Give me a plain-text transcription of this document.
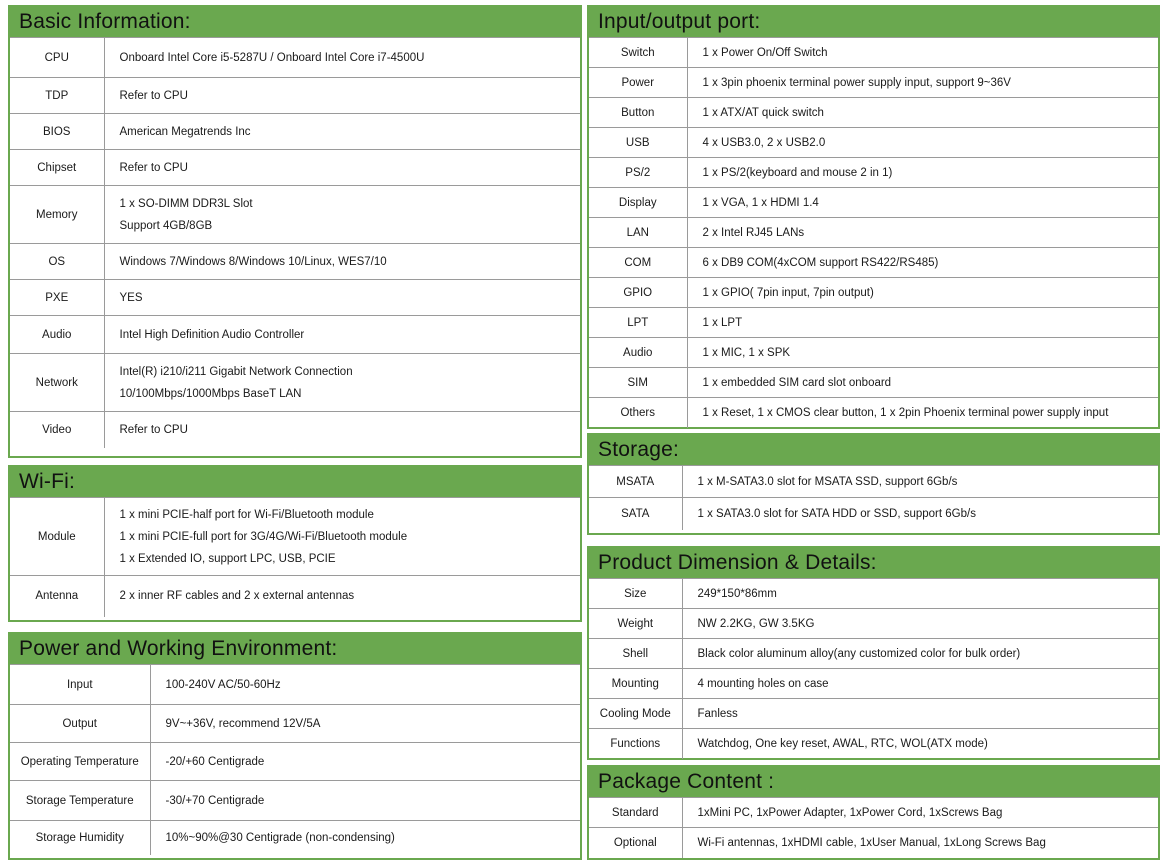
Basic Information:
CPU	Onboard Intel Core i5-5287U / Onboard Intel Core i7-4500U

TDP	Refer to CPU

BIOS	American Megatrends Inc

Chipset	Refer to CPU

Memory	1 x SO-DIMM DDR3L Slot
Support 4GB/8GB

OS	Windows 7/Windows 8/Windows 10/Linux, WES7/10

PXE	YES

Audio	Intel High Definition Audio Controller

Network	Intel(R) i210/i211 Gigabit Network Connection
10/100Mbps/1000Mbps BaseT LAN

Video	Refer to CPU
Wi-Fi:
Module	1 x mini PCIE-half port for Wi-Fi/Bluetooth module
1 x mini PCIE-full port for 3G/4G/Wi-Fi/Bluetooth module
1 x Extended IO, support LPC, USB, PCIE

Antenna	2 x inner RF cables and 2 x external antennas
Power and Working Environment:
Input	100-240V AC/50-60Hz

Output	9V~+36V, recommend 12V/5A

Operating Temperature	-20/+60 Centigrade

Storage Temperature	-30/+70 Centigrade

Storage Humidity	10%~90%@30 Centigrade (non-condensing)
Input/output port:
Switch	1 x Power On/Off Switch

Power	1 x 3pin phoenix terminal power supply input, support 9~36V

Button	1 x ATX/AT quick switch

USB	4 x USB3.0, 2 x USB2.0

PS/2	1 x PS/2(keyboard and mouse 2 in 1)

Display	1 x VGA, 1 x HDMI 1.4

LAN	2 x Intel RJ45 LANs

COM	6 x DB9 COM(4xCOM support RS422/RS485)

GPIO	1 x GPIO( 7pin input, 7pin output)

LPT	1 x LPT

Audio	1 x MIC, 1 x SPK

SIM	1 x embedded SIM card slot onboard

Others	1 x Reset, 1 x CMOS clear button, 1 x 2pin Phoenix terminal power supply input
Storage:
MSATA	1 x M-SATA3.0 slot for MSATA SSD, support 6Gb/s

SATA	1 x SATA3.0 slot for SATA HDD or SSD, support 6Gb/s
Product Dimension & Details:
Size	249*150*86mm

Weight	NW 2.2KG, GW 3.5KG

Shell	Black color aluminum alloy(any customized color for bulk order)

Mounting	4 mounting holes on case

Cooling Mode	Fanless

Functions	Watchdog, One key reset, AWAL, RTC, WOL(ATX mode)
Package Content :
Standard	1xMini PC, 1xPower Adapter, 1xPower Cord, 1xScrews Bag

Optional	Wi-Fi antennas, 1xHDMI cable, 1xUser Manual, 1xLong Screws Bag
